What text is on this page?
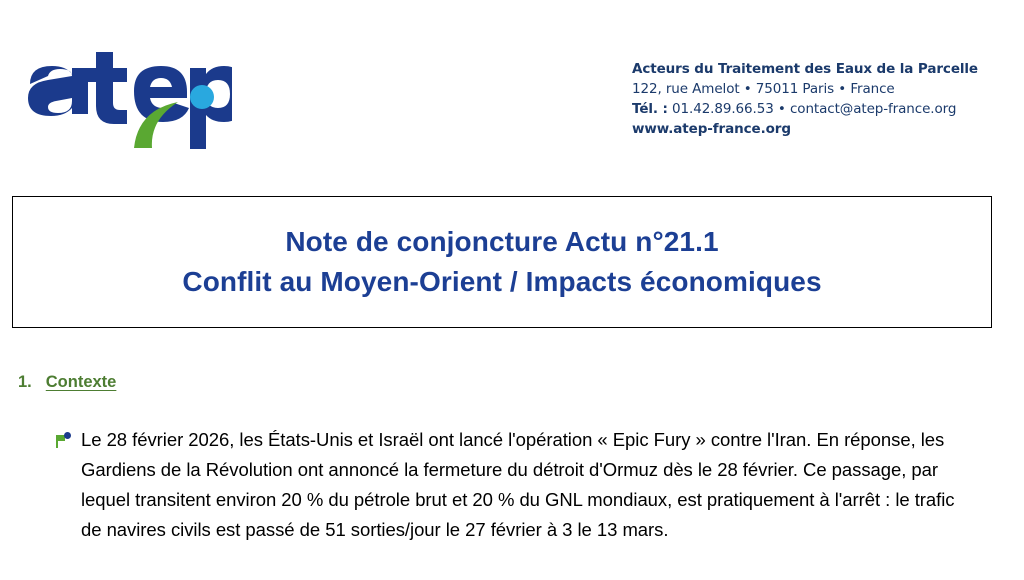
Acteurs du Traitement des Eaux de la Parcelle
122, rue Amelot • 75011 Paris • France
Tél. : 01.42.89.66.53 • contact@atep-france.org
www.atep-france.org
Note de conjoncture Actu n°21.1
Conflit au Moyen-Orient / Impacts économiques
1. Contexte
Le 28 février 2026, les États-Unis et Israël ont lancé l'opération « Epic Fury » contre l'Iran. En réponse, les Gardiens de la Révolution ont annoncé la fermeture du détroit d'Ormuz dès le 28 février. Ce passage, par lequel transitent environ 20 % du pétrole brut et 20 % du GNL mondiaux, est pratiquement à l'arrêt : le trafic de navires civils est passé de 51 sorties/jour le 27 février à 3 le 13 mars.
